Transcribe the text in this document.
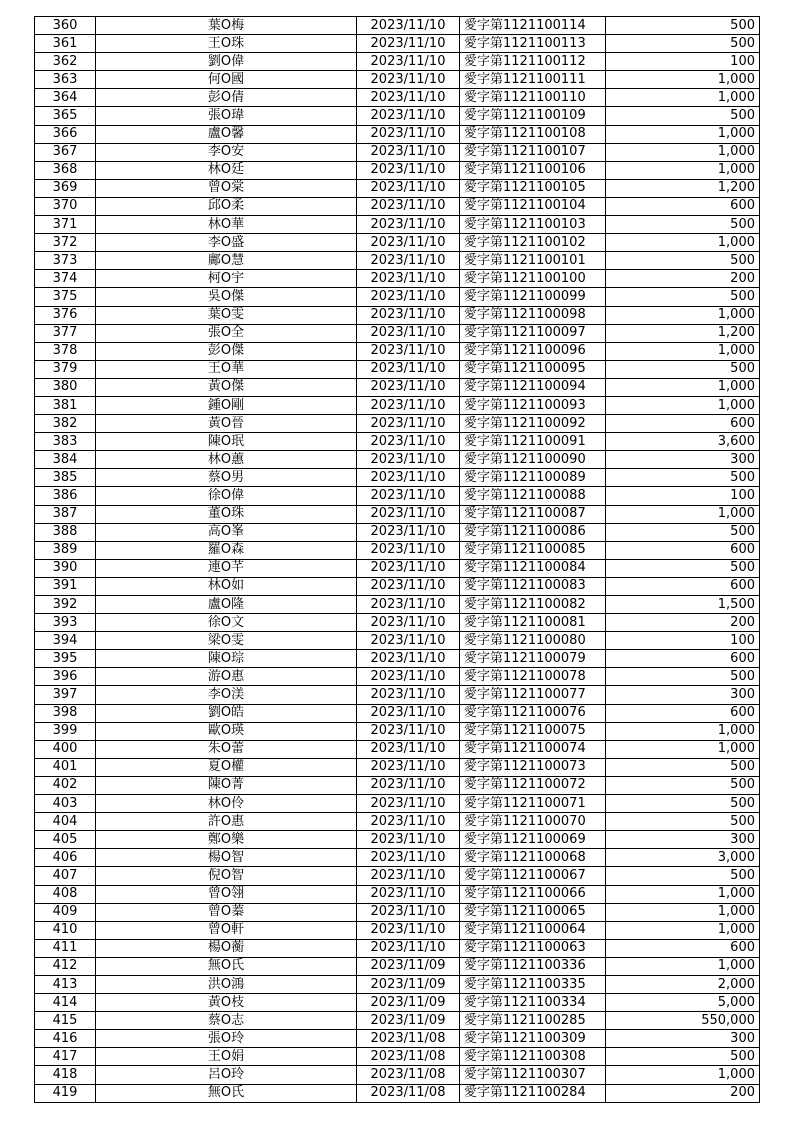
360	葉O梅	2023/11/10	愛字第1121100114	500
361	王O珠	2023/11/10	愛字第1121100113	500
362	劉O偉	2023/11/10	愛字第1121100112	100
363	何O國	2023/11/10	愛字第1121100111	1,000
364	彭O倩	2023/11/10	愛字第1121100110	1,000
365	張O瑋	2023/11/10	愛字第1121100109	500
366	盧O馨	2023/11/10	愛字第1121100108	1,000
367	李O安	2023/11/10	愛字第1121100107	1,000
368	林O廷	2023/11/10	愛字第1121100106	1,000
369	曾O棠	2023/11/10	愛字第1121100105	1,200
370	邱O柔	2023/11/10	愛字第1121100104	600
371	林O華	2023/11/10	愛字第1121100103	500
372	李O盛	2023/11/10	愛字第1121100102	1,000
373	鄺O慧	2023/11/10	愛字第1121100101	500
374	柯O宇	2023/11/10	愛字第1121100100	200
375	吳O傑	2023/11/10	愛字第1121100099	500
376	葉O雯	2023/11/10	愛字第1121100098	1,000
377	張O全	2023/11/10	愛字第1121100097	1,200
378	彭O傑	2023/11/10	愛字第1121100096	1,000
379	王O華	2023/11/10	愛字第1121100095	500
380	黃O傑	2023/11/10	愛字第1121100094	1,000
381	鍾O剛	2023/11/10	愛字第1121100093	1,000
382	黃O晉	2023/11/10	愛字第1121100092	600
383	陳O珉	2023/11/10	愛字第1121100091	3,600
384	林O蕙	2023/11/10	愛字第1121100090	300
385	蔡O男	2023/11/10	愛字第1121100089	500
386	徐O偉	2023/11/10	愛字第1121100088	100
387	董O珠	2023/11/10	愛字第1121100087	1,000
388	高O峯	2023/11/10	愛字第1121100086	500
389	羅O森	2023/11/10	愛字第1121100085	600
390	連O芊	2023/11/10	愛字第1121100084	500
391	林O如	2023/11/10	愛字第1121100083	600
392	盧O隆	2023/11/10	愛字第1121100082	1,500
393	徐O文	2023/11/10	愛字第1121100081	200
394	梁O雯	2023/11/10	愛字第1121100080	100
395	陳O琮	2023/11/10	愛字第1121100079	600
396	游O惠	2023/11/10	愛字第1121100078	500
397	李O渼	2023/11/10	愛字第1121100077	300
398	劉O皓	2023/11/10	愛字第1121100076	600
399	歐O瑛	2023/11/10	愛字第1121100075	1,000
400	朱O蕾	2023/11/10	愛字第1121100074	1,000
401	夏O權	2023/11/10	愛字第1121100073	500
402	陳O菁	2023/11/10	愛字第1121100072	500
403	林O伶	2023/11/10	愛字第1121100071	500
404	許O惠	2023/11/10	愛字第1121100070	500
405	鄭O樂	2023/11/10	愛字第1121100069	300
406	楊O智	2023/11/10	愛字第1121100068	3,000
407	倪O智	2023/11/10	愛字第1121100067	500
408	曾O翎	2023/11/10	愛字第1121100066	1,000
409	曾O蓁	2023/11/10	愛字第1121100065	1,000
410	曾O軒	2023/11/10	愛字第1121100064	1,000
411	楊O蘅	2023/11/10	愛字第1121100063	600
412	無O氏	2023/11/09	愛字第1121100336	1,000
413	洪O鴻	2023/11/09	愛字第1121100335	2,000
414	黃O枝	2023/11/09	愛字第1121100334	5,000
415	蔡O志	2023/11/09	愛字第1121100285	550,000
416	張O玲	2023/11/08	愛字第1121100309	300
417	王O娟	2023/11/08	愛字第1121100308	500
418	呂O玲	2023/11/08	愛字第1121100307	1,000
419	無O氏	2023/11/08	愛字第1121100284	200
